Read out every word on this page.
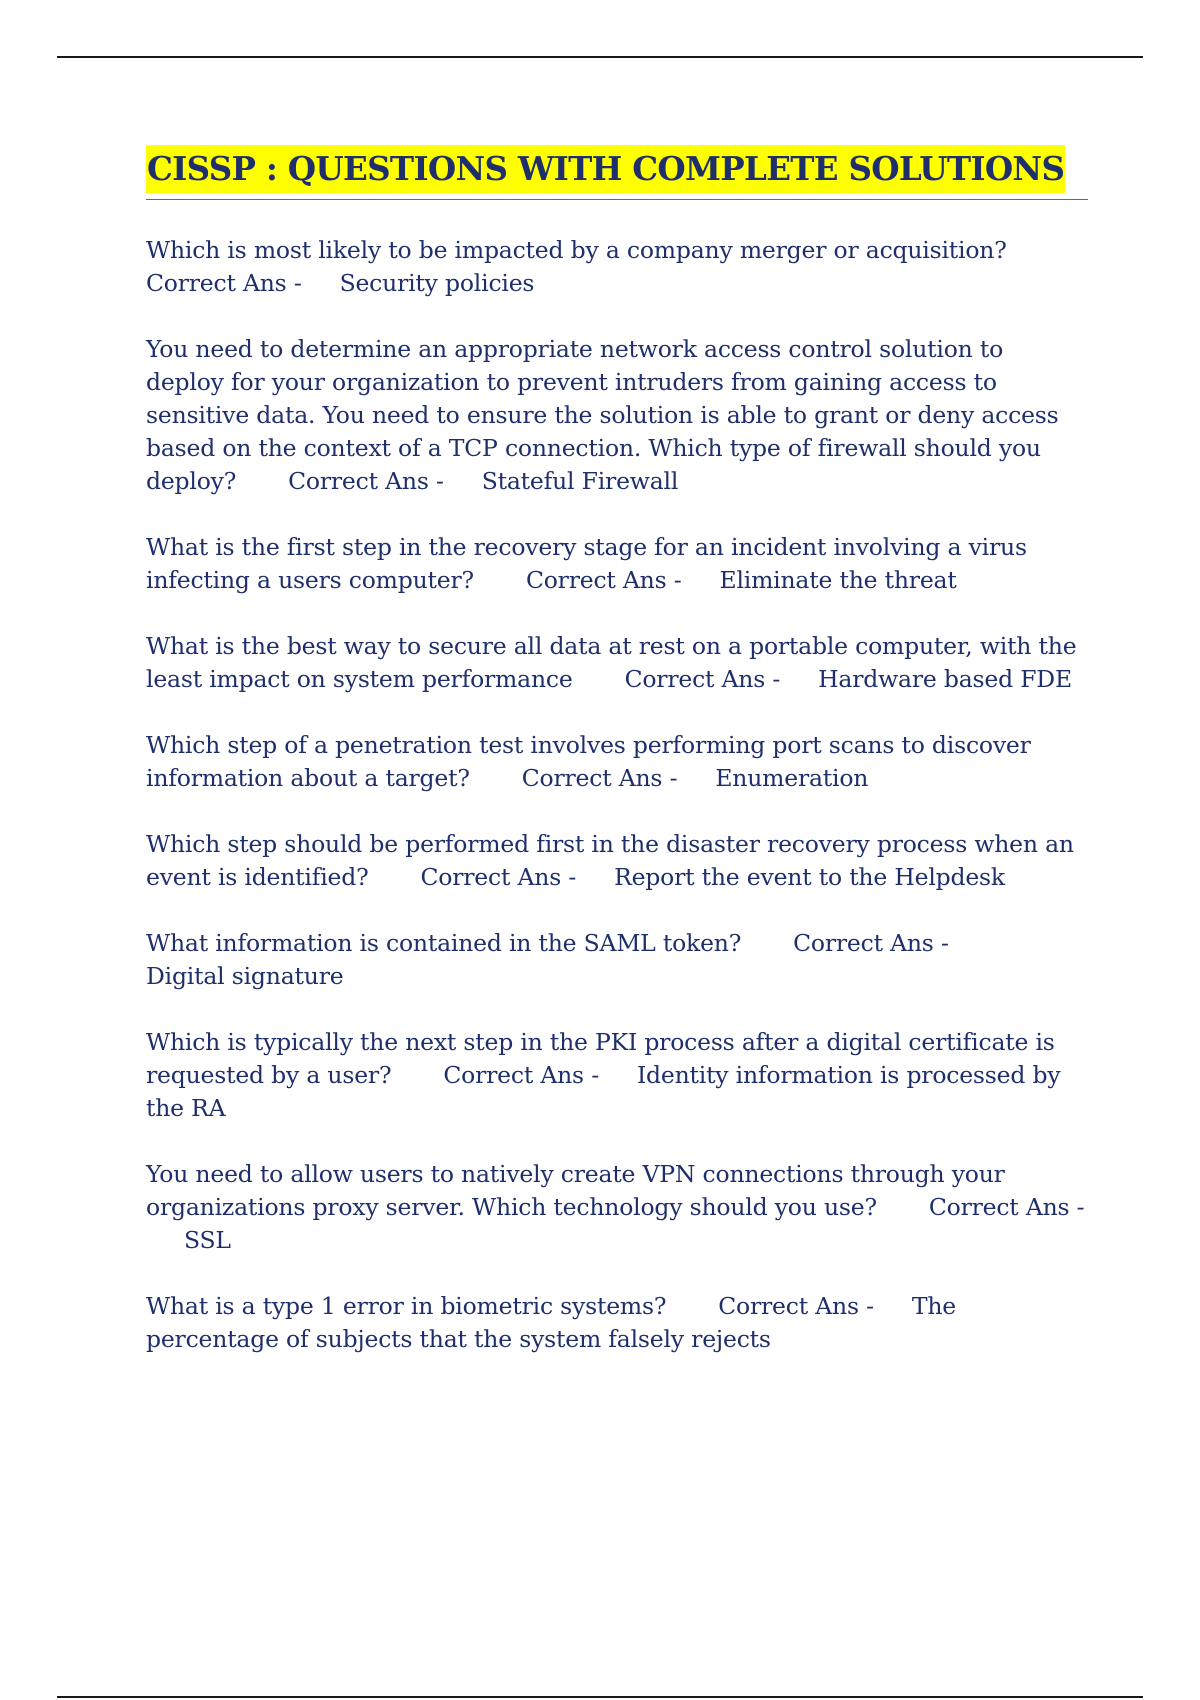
CISSP : QUESTIONS WITH COMPLETE SOLUTIONS

Which is most likely to be impacted by a company merger or acquisition?
Correct Ans - Security policies

You need to determine an appropriate network access control solution to deploy for your organization to prevent intruders from gaining access to sensitive data. You need to ensure the solution is able to grant or deny access based on the context of a TCP connection. Which type of firewall should you deploy? Correct Ans - Stateful Firewall

What is the first step in the recovery stage for an incident involving a virus infecting a users computer? Correct Ans - Eliminate the threat

What is the best way to secure all data at rest on a portable computer, with the least impact on system performance Correct Ans - Hardware based FDE

Which step of a penetration test involves performing port scans to discover information about a target? Correct Ans - Enumeration

Which step should be performed first in the disaster recovery process when an event is identified? Correct Ans - Report the event to the Helpdesk

What information is contained in the SAML token? Correct Ans -
Digital signature

Which is typically the next step in the PKI process after a digital certificate is requested by a user? Correct Ans - Identity information is processed by the RA

You need to allow users to natively create VPN connections through your organizations proxy server. Which technology should you use? Correct Ans -SSL

What is a type 1 error in biometric systems? Correct Ans - The percentage of subjects that the system falsely rejects
